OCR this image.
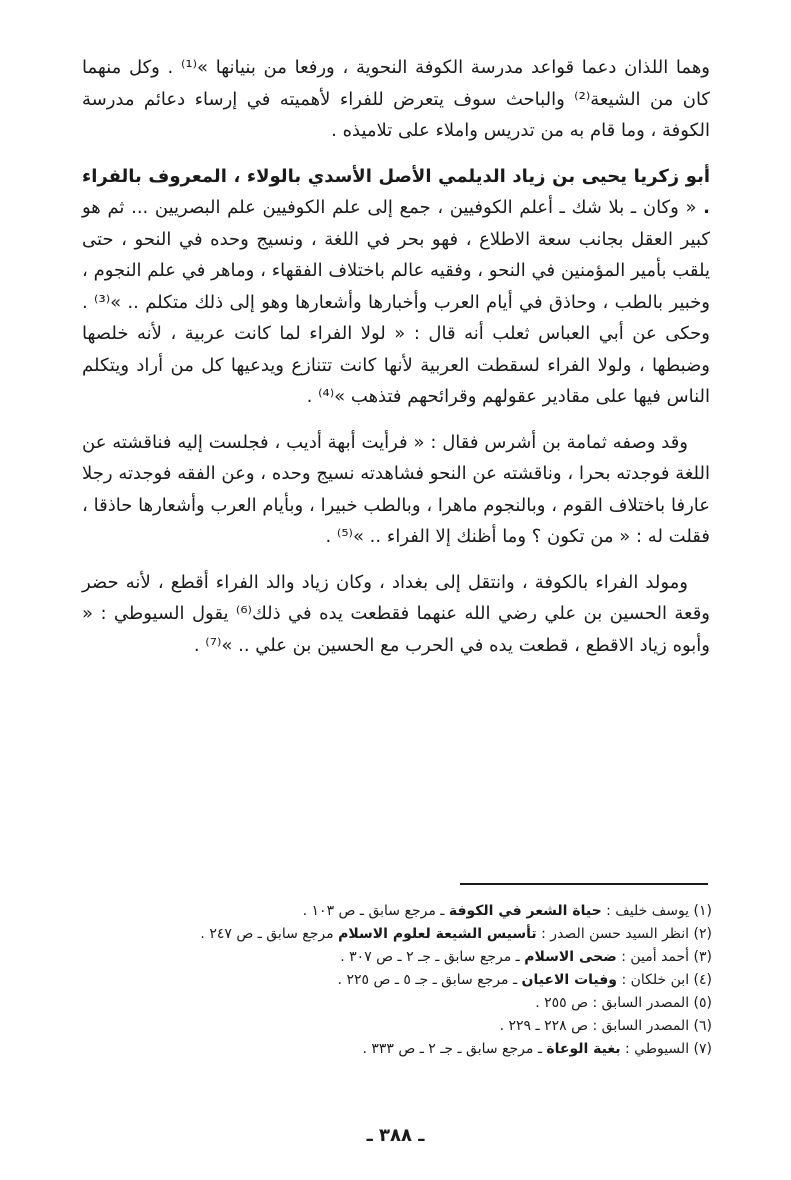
وهما اللذان دعما قواعد مدرسة الكوفة النحوية ، ورفعا من بنيانها »⁽¹⁾ . وكل منهما كان من الشيعة⁽²⁾ والباحث سوف يتعرض للفراء لأهميته في إرساء دعائم مدرسة الكوفة ، وما قام به من تدريس واملاء على تلاميذه .

أبو زكريا يحيى بن زياد الديلمي الأصل الأسدي بالولاء ، المعروف بالفراء . « وكان ـ بلا شك ـ أعلم الكوفيين ، جمع إلى علم الكوفيين علم البصريين ... ثم هو كبير العقل بجانب سعة الاطلاع ، فهو بحر في اللغة ، ونسيج وحده في النحو ، حتى يلقب بأمير المؤمنين في النحو ، وفقيه عالم باختلاف الفقهاء ، وماهر في علم النجوم ، وخبير بالطب ، وحاذق في أيام العرب وأخبارها وأشعارها وهو إلى ذلك متكلم .. »⁽³⁾ . وحكى عن أبي العباس ثعلب أنه قال : « لولا الفراء لما كانت عربية ، لأنه خلصها وضبطها ، ولولا الفراء لسقطت العربية لأنها كانت تتنازع ويدعيها كل من أراد ويتكلم الناس فيها على مقادير عقولهم وقرائحهم فتذهب »⁽⁴⁾ .

وقد وصفه ثمامة بن أشرس فقال : « فرأيت أبهة أديب ، فجلست إليه فناقشته عن اللغة فوجدته بحرا ، وناقشته عن النحو فشاهدته نسيج وحده ، وعن الفقه فوجدته رجلا عارفا باختلاف القوم ، وبالنجوم ماهرا ، وبالطب خبيرا ، وبأيام العرب وأشعارها حاذقا ، فقلت له : « من تكون ؟ وما أظنك إلا الفراء .. »⁽⁵⁾ .

ومولد الفراء بالكوفة ، وانتقل إلى بغداد ، وكان زياد والد الفراء أقطع ، لأنه حضر وقعة الحسين بن علي رضي الله عنهما فقطعت يده في ذلك⁽⁶⁾ يقول السيوطي : « وأبوه زياد الاقطع ، قطعت يده في الحرب مع الحسين بن علي .. »⁽⁷⁾ .

(١) يوسف خليف : حياة الشعر في الكوفة ـ مرجع سابق ـ ص ١٠٣ .
(٢) انظر السيد حسن الصدر : تأسيس الشيعة لعلوم الاسلام مرجع سابق ـ ص ٢٤٧ .
(٣) أحمد أمين : ضحى الاسلام ـ مرجع سابق ـ جـ ٢ ـ ص ٣٠٧ .
(٤) ابن خلكان : وفيات الاعيان ـ مرجع سابق ـ جـ ٥ ـ ص ٢٢٥ .
(٥) المصدر السابق : ص ٢٥٥ .
(٦) المصدر السابق : ص ٢٢٨ ـ ٢٢٩ .
(٧) السيوطي : بغية الوعاة ـ مرجع سابق ـ جـ ٢ ـ ص ٣٣٣ .
ـ ٣٨٨ ـ
